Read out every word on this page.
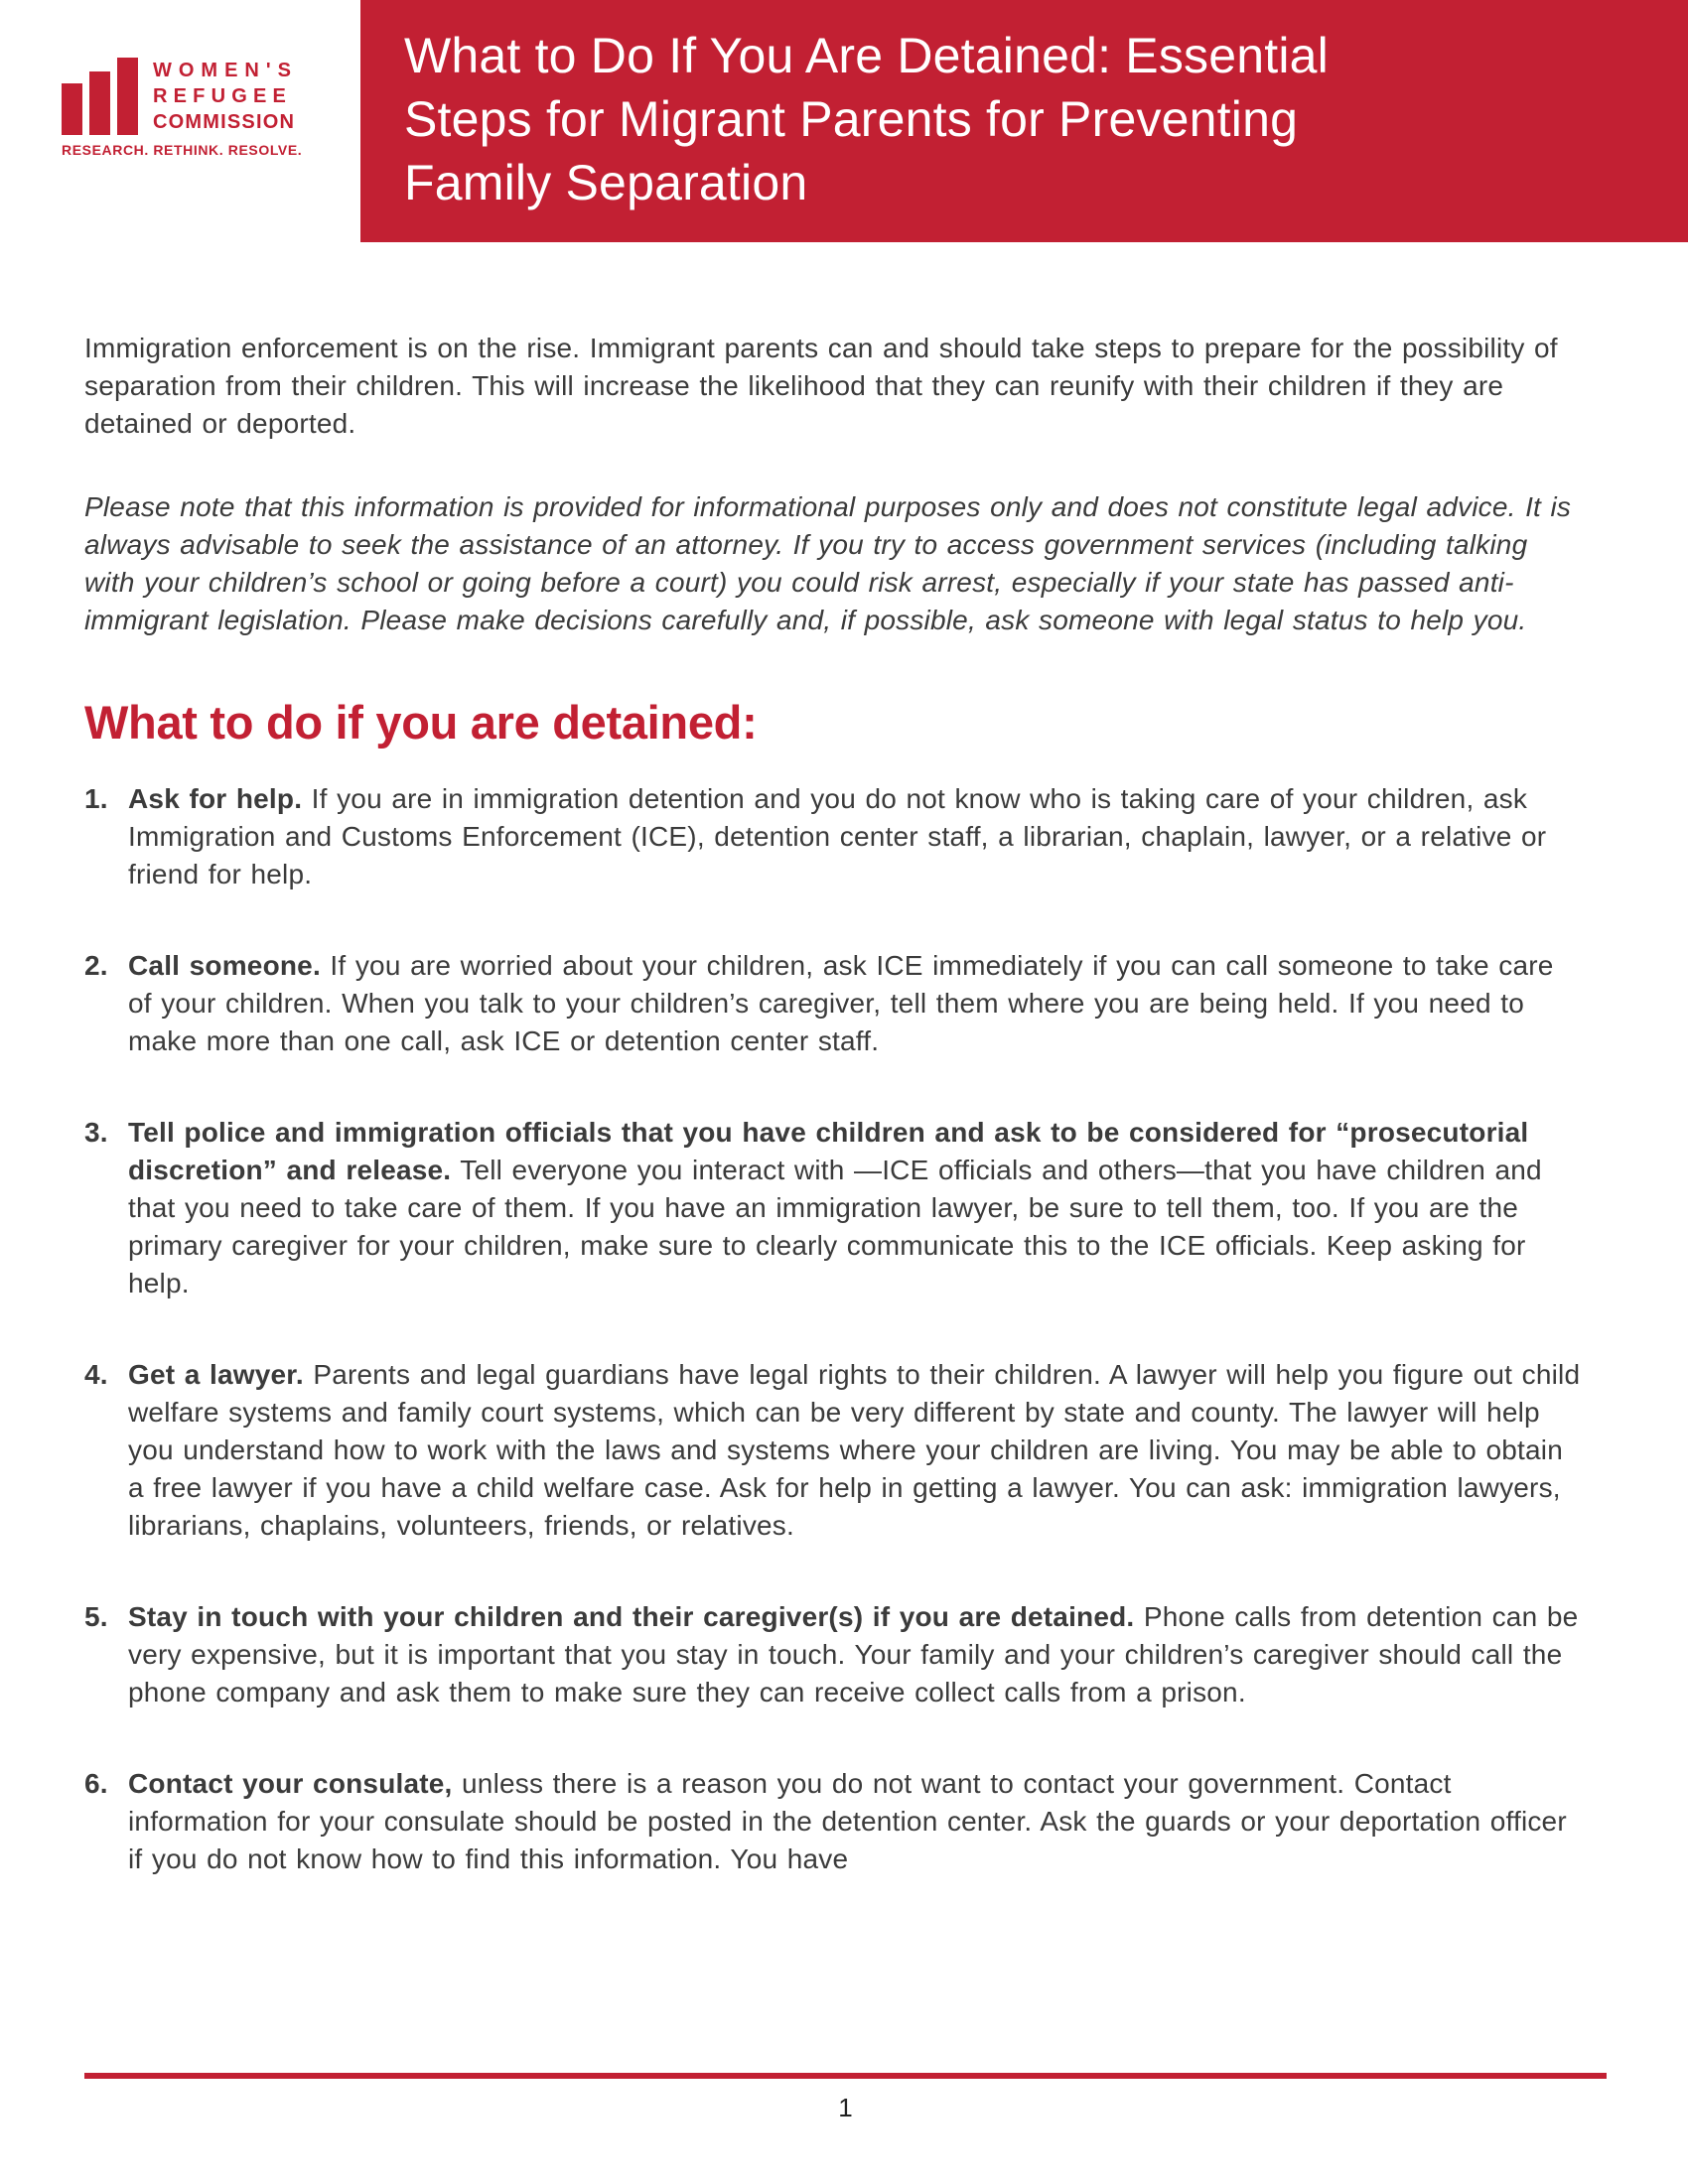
WOMEN'S
REFUGEE
COMMISSION
RESEARCH. RETHINK. RESOLVE.
What to Do If You Are Detained: Essential
Steps for Migrant Parents for Preventing
Family Separation

Immigration enforcement is on the rise. Immigrant parents can and should take steps to prepare for the possibility of separation from their children. This will increase the likelihood that they can reunify with their children if they are detained or deported.

Please note that this information is provided for informational purposes only and does not constitute legal advice. It is always advisable to seek the assistance of an attorney. If you try to access government services (including talking with your children’s school or going before a court) you could risk arrest, especially if your state has passed anti-immigrant legislation. Please make decisions carefully and, if possible, ask someone with legal status to help you.

What to do if you are detained:
1. Ask for help. If you are in immigration detention and you do not know who is taking care of your children, ask Immigration and Customs Enforcement (ICE), detention center staff, a librarian, chaplain, lawyer, or a relative or friend for help.
2. Call someone. If you are worried about your children, ask ICE immediately if you can call someone to take care of your children. When you talk to your children’s caregiver, tell them where you are being held. If you need to make more than one call, ask ICE or detention center staff.
3. Tell police and immigration officials that you have children and ask to be considered for “prosecutorial discretion” and release. Tell everyone you interact with —ICE officials and others—that you have children and that you need to take care of them. If you have an immigration lawyer, be sure to tell them, too. If you are the primary caregiver for your children, make sure to clearly communicate this to the ICE officials. Keep asking for help.
4. Get a lawyer. Parents and legal guardians have legal rights to their children. A lawyer will help you figure out child welfare systems and family court systems, which can be very different by state and county. The lawyer will help you understand how to work with the laws and systems where your children are living. You may be able to obtain a free lawyer if you have a child welfare case. Ask for help in getting a lawyer. You can ask: immigration lawyers, librarians, chaplains, volunteers, friends, or relatives.
5. Stay in touch with your children and their caregiver(s) if you are detained. Phone calls from detention can be very expensive, but it is important that you stay in touch. Your family and your children’s caregiver should call the phone company and ask them to make sure they can receive collect calls from a prison.
6. Contact your consulate, unless there is a reason you do not want to contact your government. Contact information for your consulate should be posted in the detention center. Ask the guards or your deportation officer if you do not know how to find this information. You have
1
